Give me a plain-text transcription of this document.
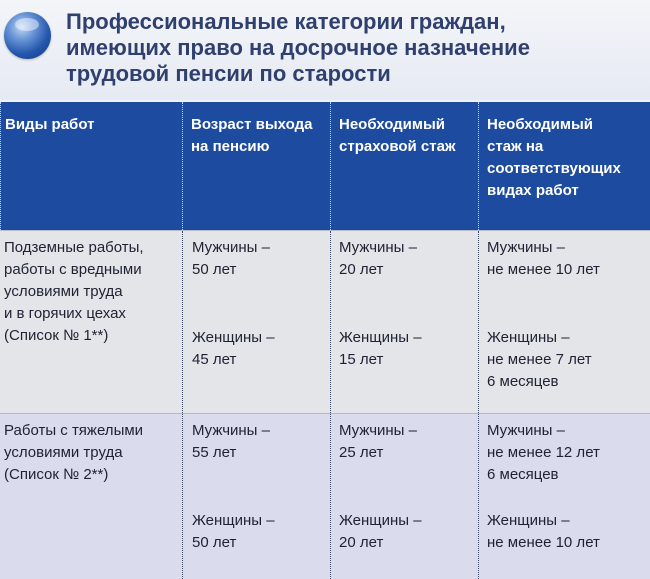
Профессиональные категории граждан,
имеющих право на досрочное назначение
трудовой пенсии по старости
Виды работ	Возраст выхода
на пенсию
Необходимый
страховой стаж
Необходимый
стаж на
соответствующих
видах работ
Подземные работы,
работы с вредными
условиями труда
и в горячих цехах
(Список № 1**)
Мужчины –
50 лет
Женщины –
45 лет
Мужчины –
20 лет
Женщины –
15 лет
Мужчины –
не менее 10 лет
Женщины –
не менее 7 лет
6 месяцев
Работы с тяжелыми
условиями труда
(Список № 2**)
Мужчины –
55 лет
Женщины –
50 лет
Мужчины –
25 лет
Женщины –
20 лет
Мужчины –
не менее 12 лет
6 месяцев
Женщины –
не менее 10 лет
